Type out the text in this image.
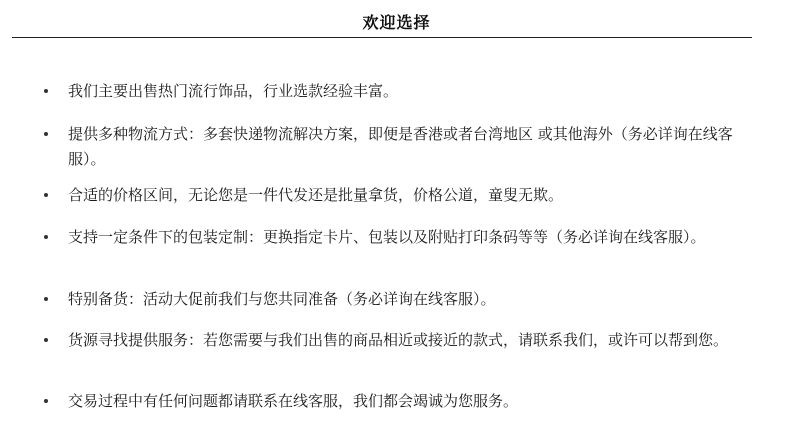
欢迎选择
我们主要出售热门流行饰品，行业选款经验丰富。
提供多种物流方式：多套快递物流解决方案，即便是香港或者台湾地区 或其他海外（务必详询在线客服）。
合适的价格区间，无论您是一件代发还是批量拿货，价格公道，童叟无欺。
支持一定条件下的包装定制：更换指定卡片、包装以及附贴打印条码等等（务必详询在线客服）。
特别备货：活动大促前我们与您共同准备（务必详询在线客服）。
货源寻找提供服务：若您需要与我们出售的商品相近或接近的款式，请联系我们，或许可以帮到您。
交易过程中有任何问题都请联系在线客服，我们都会竭诚为您服务。
